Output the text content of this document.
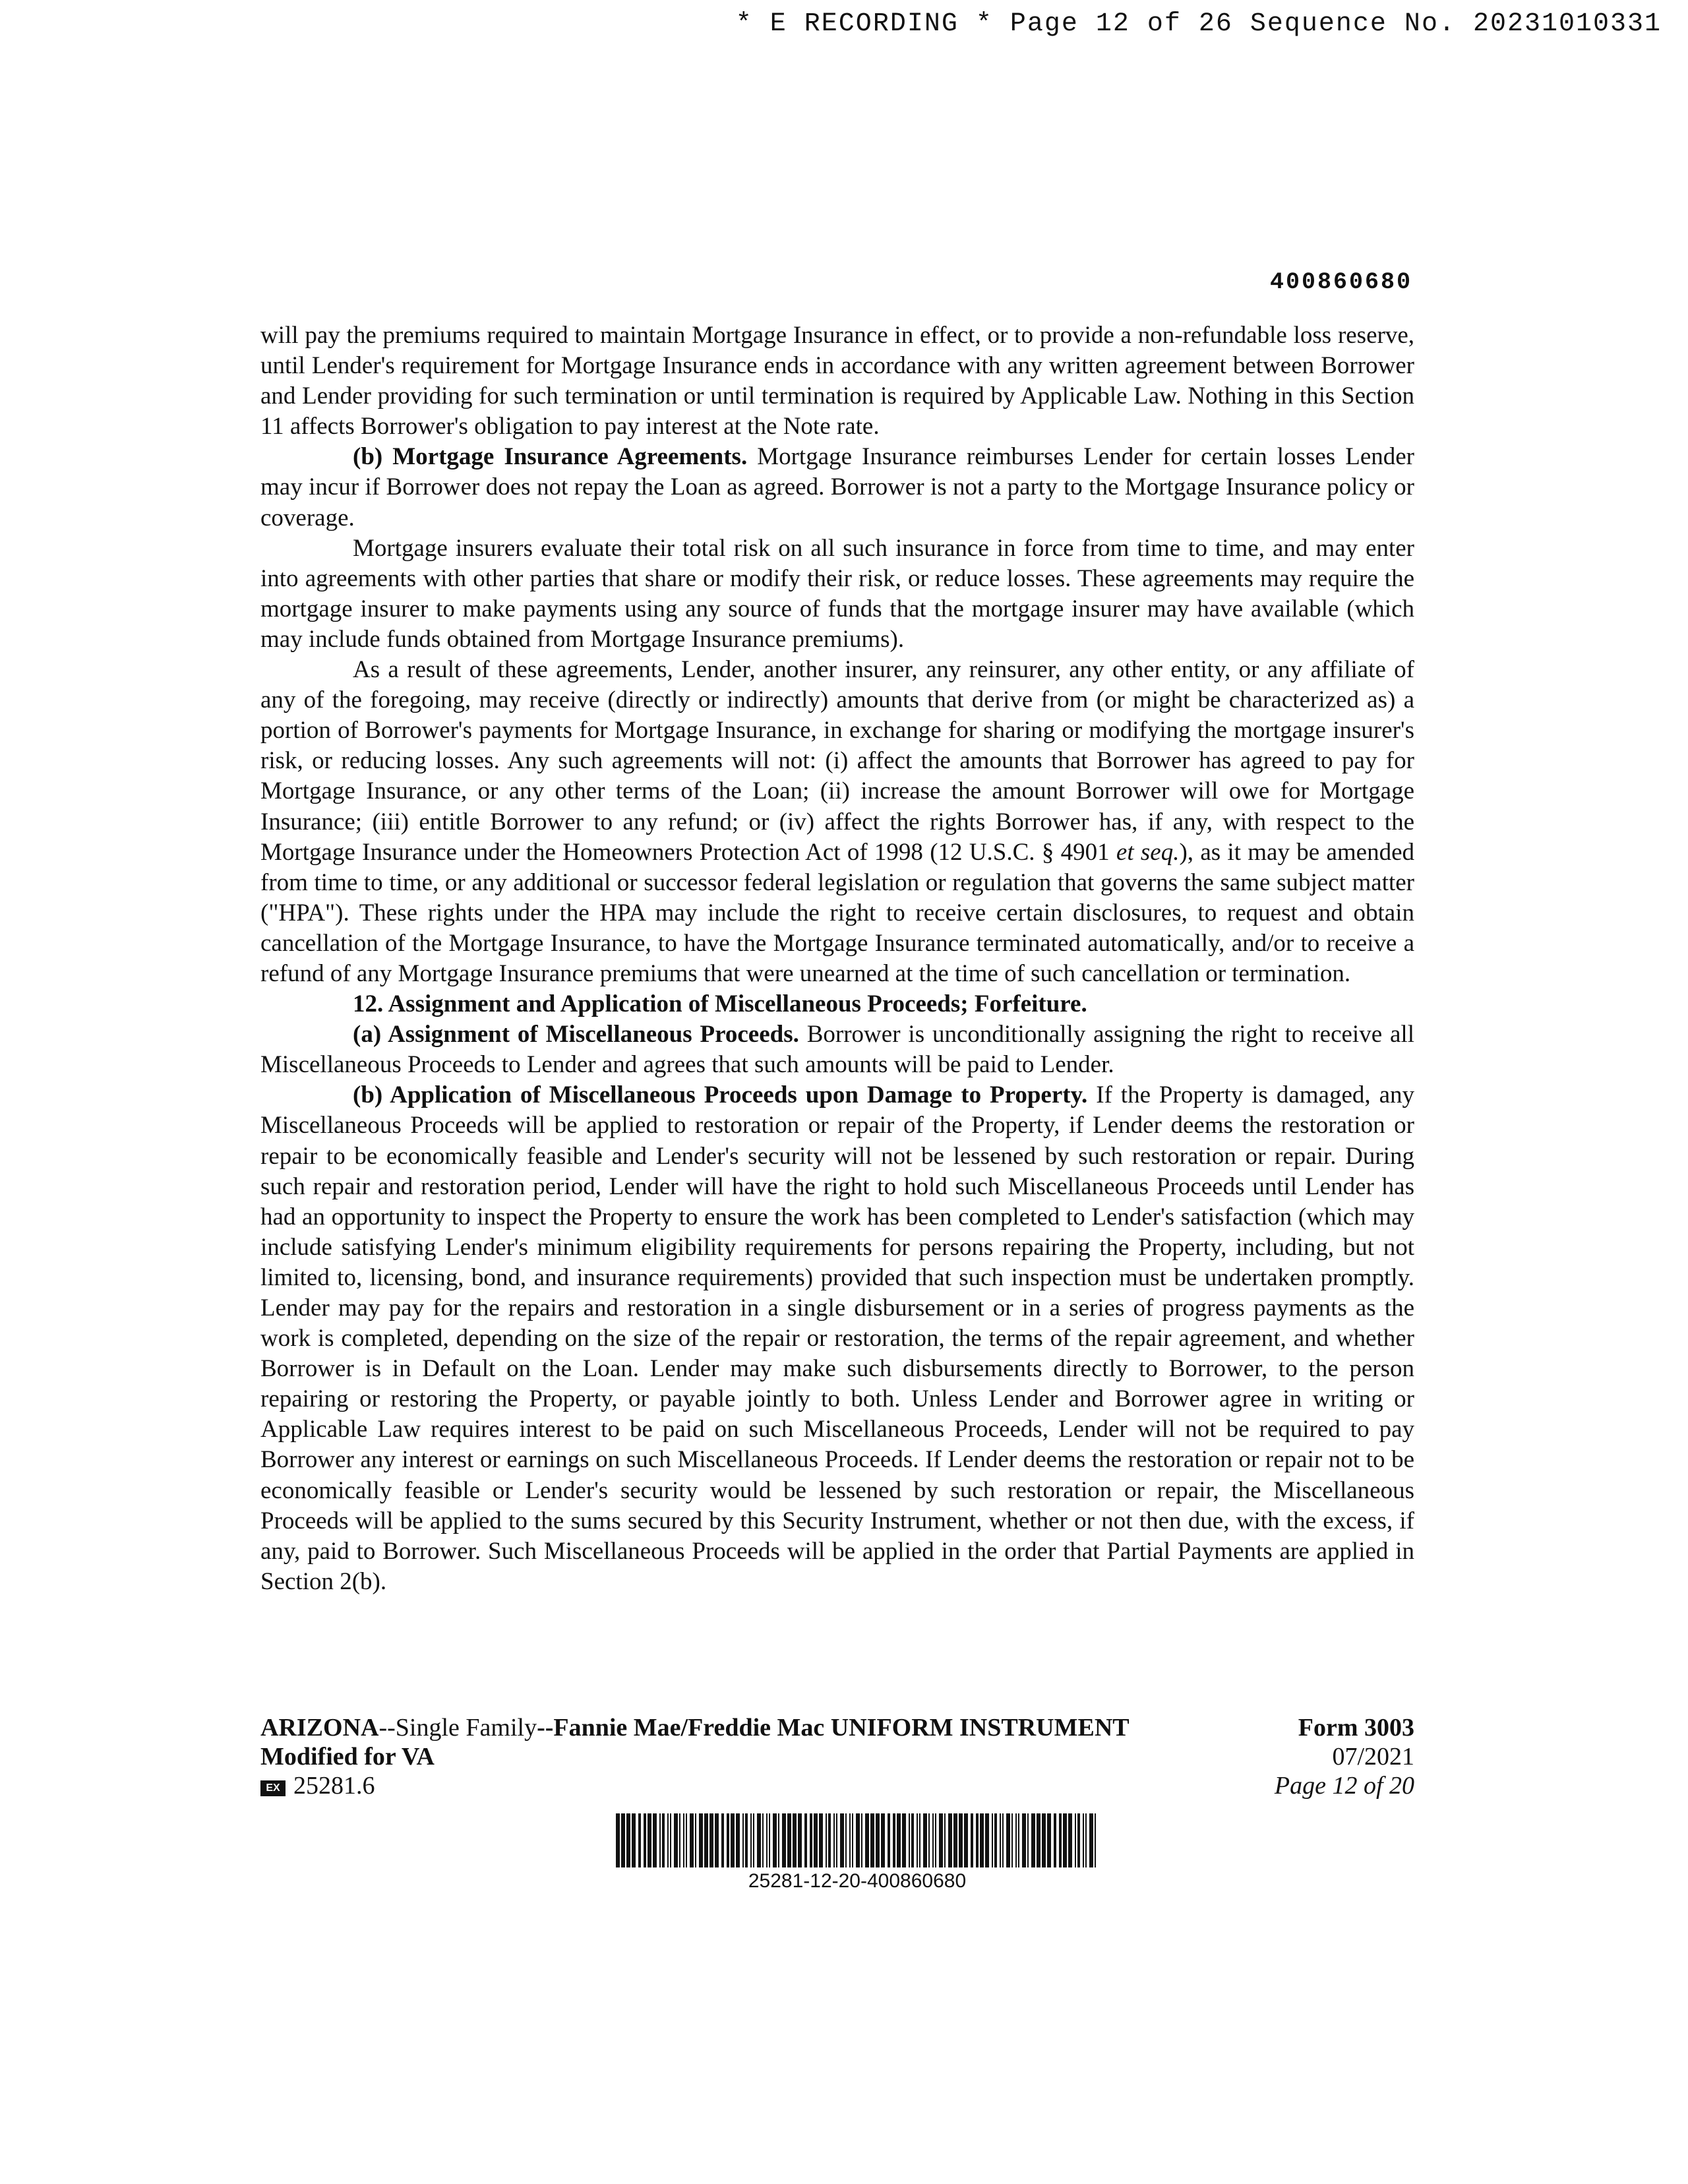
* E RECORDING * Page 12 of 26 Sequence No. 20231010331
400860680

will pay the premiums required to maintain Mortgage Insurance in effect, or to provide a non-refundable loss reserve, until Lender's requirement for Mortgage Insurance ends in accordance with any written agreement between Borrower and Lender providing for such termination or until termination is required by Applicable Law. Nothing in this Section 11 affects Borrower's obligation to pay interest at the Note rate.

(b) Mortgage Insurance Agreements. Mortgage Insurance reimburses Lender for certain losses Lender may incur if Borrower does not repay the Loan as agreed. Borrower is not a party to the Mortgage Insurance policy or coverage.

Mortgage insurers evaluate their total risk on all such insurance in force from time to time, and may enter into agreements with other parties that share or modify their risk, or reduce losses. These agreements may require the mortgage insurer to make payments using any source of funds that the mortgage insurer may have available (which may include funds obtained from Mortgage Insurance premiums).

As a result of these agreements, Lender, another insurer, any reinsurer, any other entity, or any affiliate of any of the foregoing, may receive (directly or indirectly) amounts that derive from (or might be characterized as) a portion of Borrower's payments for Mortgage Insurance, in exchange for sharing or modifying the mortgage insurer's risk, or reducing losses. Any such agreements will not: (i) affect the amounts that Borrower has agreed to pay for Mortgage Insurance, or any other terms of the Loan; (ii) increase the amount Borrower will owe for Mortgage Insurance; (iii) entitle Borrower to any refund; or (iv) affect the rights Borrower has, if any, with respect to the Mortgage Insurance under the Homeowners Protection Act of 1998 (12 U.S.C. § 4901 et seq.), as it may be amended from time to time, or any additional or successor federal legislation or regulation that governs the same subject matter ("HPA"). These rights under the HPA may include the right to receive certain disclosures, to request and obtain cancellation of the Mortgage Insurance, to have the Mortgage Insurance terminated automatically, and/or to receive a refund of any Mortgage Insurance premiums that were unearned at the time of such cancellation or termination.

12. Assignment and Application of Miscellaneous Proceeds; Forfeiture.

(a) Assignment of Miscellaneous Proceeds. Borrower is unconditionally assigning the right to receive all Miscellaneous Proceeds to Lender and agrees that such amounts will be paid to Lender.

(b) Application of Miscellaneous Proceeds upon Damage to Property. If the Property is damaged, any Miscellaneous Proceeds will be applied to restoration or repair of the Property, if Lender deems the restoration or repair to be economically feasible and Lender's security will not be lessened by such restoration or repair. During such repair and restoration period, Lender will have the right to hold such Miscellaneous Proceeds until Lender has had an opportunity to inspect the Property to ensure the work has been completed to Lender's satisfaction (which may include satisfying Lender's minimum eligibility requirements for persons repairing the Property, including, but not limited to, licensing, bond, and insurance requirements) provided that such inspection must be undertaken promptly. Lender may pay for the repairs and restoration in a single disbursement or in a series of progress payments as the work is completed, depending on the size of the repair or restoration, the terms of the repair agreement, and whether Borrower is in Default on the Loan. Lender may make such disbursements directly to Borrower, to the person repairing or restoring the Property, or payable jointly to both. Unless Lender and Borrower agree in writing or Applicable Law requires interest to be paid on such Miscellaneous Proceeds, Lender will not be required to pay Borrower any interest or earnings on such Miscellaneous Proceeds. If Lender deems the restoration or repair not to be economically feasible or Lender's security would be lessened by such restoration or repair, the Miscellaneous Proceeds will be applied to the sums secured by this Security Instrument, whether or not then due, with the excess, if any, paid to Borrower. Such Miscellaneous Proceeds will be applied in the order that Partial Payments are applied in Section 2(b).

ARIZONA--Single Family--Fannie Mae/Freddie Mac UNIFORM INSTRUMENT
Modified for VA
EX 25281.6
Form 3003
07/2021
Page 12 of 20
25281-12-20-400860680
